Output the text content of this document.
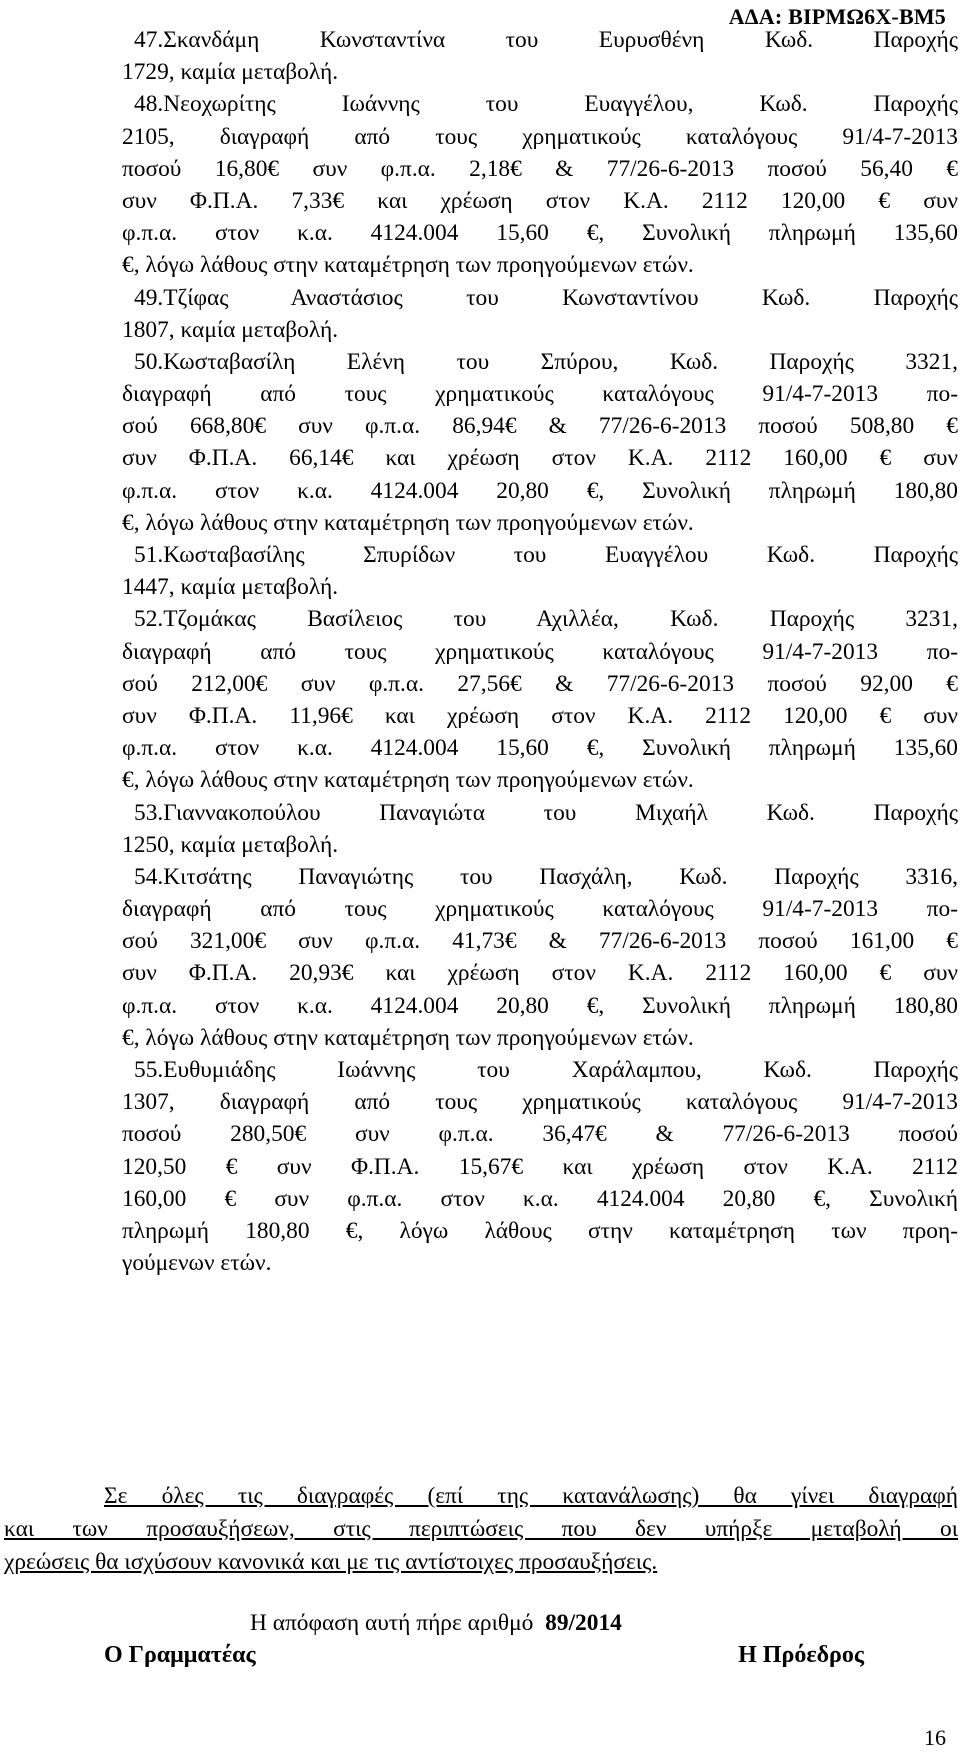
ΑΔΑ: ΒΙΡΜΩ6Χ-ΒΜ5
47.Σκανδάμη Κωνσταντίνα του Ευρυσθένη Κωδ. Παροχής
1729, καμία μεταβολή.
48.Νεοχωρίτης Ιωάννης του Ευαγγέλου, Κωδ. Παροχής
2105, διαγραφή από τους χρηματικούς καταλόγους 91/4-7-2013
ποσού 16,80€ συν φ.π.α. 2,18€ & 77/26-6-2013 ποσού 56,40 €
συν Φ.Π.Α. 7,33€ και χρέωση στον Κ.Α. 2112 120,00 € συν
φ.π.α. στον κ.α. 4124.004 15,60 €, Συνολική πληρωμή 135,60
€, λόγω λάθους στην καταμέτρηση των προηγούμενων ετών.
49.Τζίφας Αναστάσιος του Κωνσταντίνου Κωδ. Παροχής
1807, καμία μεταβολή.
50.Κωσταβασίλη Ελένη του Σπύρου, Κωδ. Παροχής 3321,
διαγραφή από τους χρηματικούς καταλόγους 91/4-7-2013 πο-
σού 668,80€ συν φ.π.α. 86,94€ & 77/26-6-2013 ποσού 508,80 €
συν Φ.Π.Α. 66,14€ και χρέωση στον Κ.Α. 2112 160,00 € συν
φ.π.α. στον κ.α. 4124.004 20,80 €, Συνολική πληρωμή 180,80
€, λόγω λάθους στην καταμέτρηση των προηγούμενων ετών.
51.Κωσταβασίλης Σπυρίδων του Ευαγγέλου Κωδ. Παροχής
1447, καμία μεταβολή.
52.Τζομάκας Βασίλειος του Αχιλλέα, Κωδ. Παροχής 3231,
διαγραφή από τους χρηματικούς καταλόγους 91/4-7-2013 πο-
σού 212,00€ συν φ.π.α. 27,56€ & 77/26-6-2013 ποσού 92,00 €
συν Φ.Π.Α. 11,96€ και χρέωση στον Κ.Α. 2112 120,00 € συν
φ.π.α. στον κ.α. 4124.004 15,60 €, Συνολική πληρωμή 135,60
€, λόγω λάθους στην καταμέτρηση των προηγούμενων ετών.
53.Γιαννακοπούλου Παναγιώτα του Μιχαήλ Κωδ. Παροχής
1250, καμία μεταβολή.
54.Κιτσάτης Παναγιώτης του Πασχάλη, Κωδ. Παροχής 3316,
διαγραφή από τους χρηματικούς καταλόγους 91/4-7-2013 πο-
σού 321,00€ συν φ.π.α. 41,73€ & 77/26-6-2013 ποσού 161,00 €
συν Φ.Π.Α. 20,93€ και χρέωση στον Κ.Α. 2112 160,00 € συν
φ.π.α. στον κ.α. 4124.004 20,80 €, Συνολική πληρωμή 180,80
€, λόγω λάθους στην καταμέτρηση των προηγούμενων ετών.
55.Ευθυμιάδης Ιωάννης του Χαράλαμπου, Κωδ. Παροχής
1307, διαγραφή από τους χρηματικούς καταλόγους 91/4-7-2013
ποσού 280,50€ συν φ.π.α. 36,47€ & 77/26-6-2013 ποσού
120,50 € συν Φ.Π.Α. 15,67€ και χρέωση στον Κ.Α. 2112
160,00 € συν φ.π.α. στον κ.α. 4124.004 20,80 €, Συνολική
πληρωμή 180,80 €, λόγω λάθους στην καταμέτρηση των προη-
γούμενων ετών.
Σε όλες τις διαγραφές (επί της κατανάλωσης) θα γίνει διαγραφή
και των προσαυξήσεων, στις περιπτώσεις που δεν υπήρξε μεταβολή οι
χρεώσεις θα ισχύσουν κανονικά και με τις αντίστοιχες προσαυξήσεις.
Η απόφαση αυτή πήρε αριθμό 89/2014
Ο Γραμματέας	Η Πρόεδρος
16
